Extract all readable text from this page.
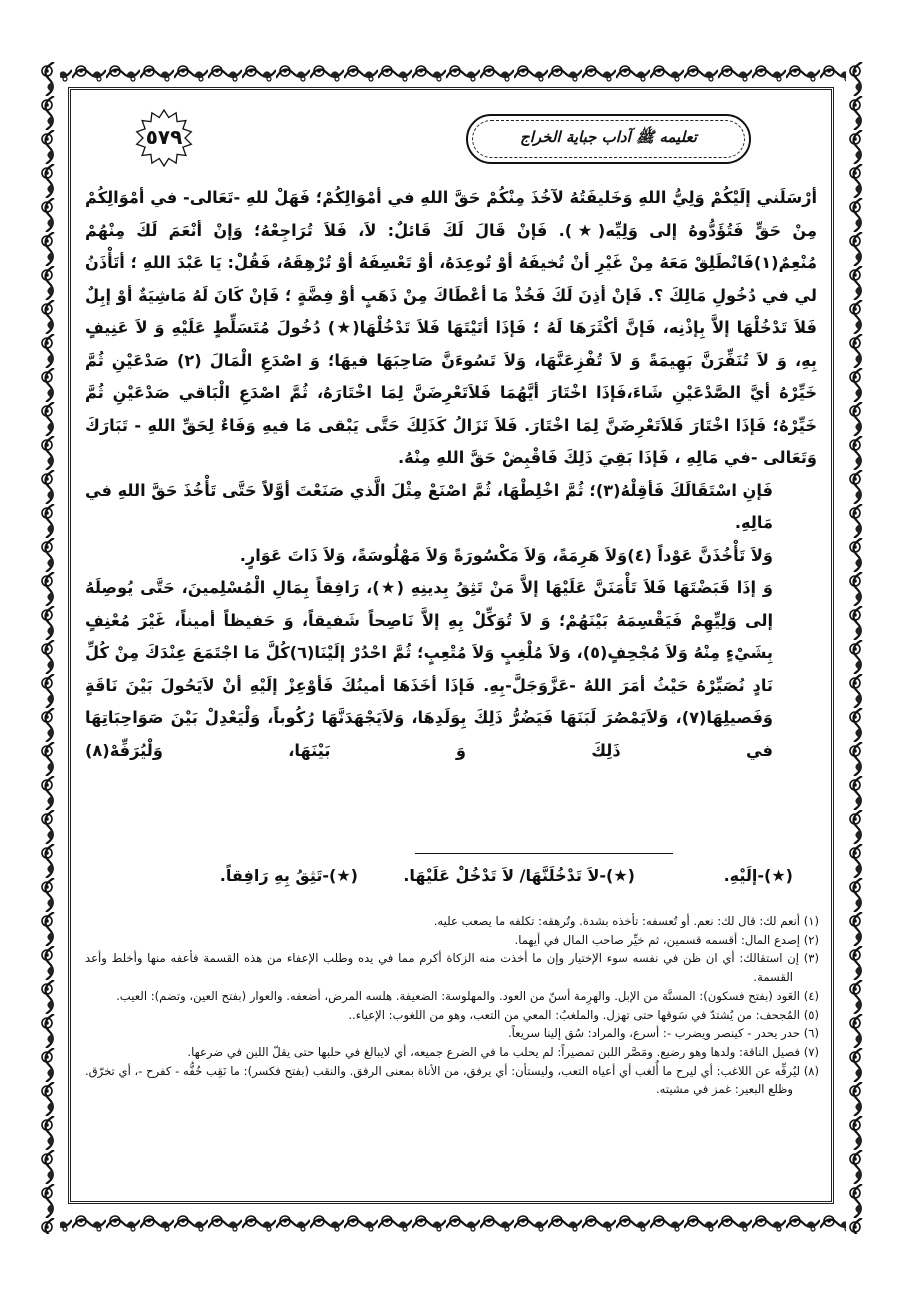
تعليمه ﷺ آداب جباية الخراج
٥٧٩

أرْسَلَني إلَيْكُمْ وَلِيُّ اللهِ وَخَليفَتُهُ لآخُذَ مِنْكُمْ حَقَّ اللهِ في أمْوَالِكُمْ؛ فَهَلْ للهِ -تَعَالى- في أمْوَالِكُمْ مِنْ حَقٍّ فَتُؤَدُّوهُ إلى وَلِيِّه(★). فَإنْ قَالَ لَكَ قَائلٌ: لاَ، فَلاَ تُرَاجِعْهُ؛ وَإنْ أنْعَمَ لَكَ مِنْهُمْ مُنْعِمٌ(١)فَانْطَلِقْ مَعَهُ مِنْ غَيْرِ أنْ تُخيفَهُ أوْ تُوعِدَهُ، أوْ تَعْسِفَهُ أوْ تُرْهِقَهُ، فَقُلْ: يَا عَبْدَ اللهِ ؛ أتَأْذَنُ لي في دُخُولِ مَالِكَ ؟. فَإنْ أذِنَ لَكَ فَخُذْ مَا أعْطَاكَ مِنْ ذَهَبٍ أوْ فِضَّةٍ ؛ فَإنْ كَانَ لَهُ مَاشِيَةٌ أوْ إبِلٌ فَلاَ تَدْخُلْهَا إلاَّ بِإذْنِه، فَإنَّ أكْثَرَهَا لَهُ ؛ فَإذَا أتَيْتَهَا فَلاَ تَدْخُلْهَا(★) دُخُولَ مُتَسَلِّطٍ عَلَيْهِ وَ لاَ عَنِيفٍ بِهِ، وَ لاَ تُنَفِّرَنَّ بَهِيمَةً وَ لاَ تُفْزِعَنَّهَا، وَلاَ تَسُوءَنَّ صَاحِبَهَا فيهَا؛ وَ اصْدَعِ الْمَالَ (٢) صَدْعَيْنِ ثُمَّ خَيِّرْهُ أيَّ الصَّدْعَيْنِ شَاءَ،فَإذَا اخْتَارَ أيَّهُمَا فَلاَتَعْرِضَنَّ لِمَا اخْتَارَهُ، ثُمَّ اصْدَعِ الْبَاقي صَدْعَيْنِ ثُمَّ خَيِّرْهُ؛ فَإذَا اخْتَارَ فَلاَتَعْرِضَنَّ لِمَا اخْتَارَ. فَلاَ تَزَالُ كَذَلِكَ حَتَّى يَبْقى مَا فيهِ وَفَاءٌ لِحَقِّ اللهِ - تَبَارَكَ وَتَعَالى -في مَالِهِ ، فَإذَا بَقِيَ ذَلِكَ فَاقْبِضْ حَقَّ اللهِ مِنْهُ.

فَإنِ اسْتَقَالَكَ فَأقِلْهُ(٣)؛ ثُمَّ اخْلِطْهَا، ثُمَّ اصْنَعْ مِثْلَ الَّذي صَنَعْتَ أوَّلاً حَتَّى تَأْخُذَ حَقَّ اللهِ في مَالِهِ.

وَلاَ تَأْخُذَنَّ عَوْداً (٤)وَلاَ هَرِمَةً، وَلاَ مَكْسُورَةً وَلاَ مَهْلُوسَةً، وَلاَ ذَاتَ عَوَارٍ.

وَ إذَا قَبَضْتَهَا فَلاَ تَأْمَنَنَّ عَلَيْهَا إلاَّ مَنْ تَثِقُ بِدينِهِ (★)، رَافِقاً بِمَالِ الْمُسْلِمينَ، حَتَّى يُوصِلَهُ إلى وَلِيِّهِمْ فَيَقْسِمَهُ بَيْنَهُمْ؛ وَ لاَ تُوَكِّلْ بِهِ إلاَّ نَاصِحاً شَفيقاً، وَ حَفيظاً أميناً، غَيْرَ مُعْنِفٍ بِشَيْءٍ مِنْهُ وَلاَ مُجْحِفٍ(٥)، وَلاَ مُلْغِبٍ وَلاَ مُتْعِبٍ؛ ثُمَّ احْدُرْ إلَيْنَا(٦)كُلَّ مَا اجْتَمَعَ عِنْدَكَ مِنْ كُلِّ نَادٍ نُصَيِّرْهُ حَيْثُ أمَرَ اللهُ -عَزَّوَجَلَّ-بِهِ. فَإذَا أخَذَهَا أمينُكَ فَأوْعِزْ إلَيْهِ أنْ لاَيَحُولَ بَيْنَ نَاقَةٍ وَفَصيلِهَا(٧)، وَلاَيَمْصُرَ لَبَنَهَا فَيَضُرُّ ذَلِكَ بِوَلَدِهَا، وَلاَيَجْهَدَنَّهَا رُكُوباً، وَلْيَعْدِلْ بَيْنَ صَوَاحِبَاتِهَا في ذَلِكَ وَ بَيْنَهَا، وَلْيُرَفِّهْ(٨)

(★)-إلَيْهِ.
(★)-لاَ تَدْخُلَنَّهَا/ لاَ تَدْخُلْ عَلَيْهَا.
(★)-تَثِقُ بِهِ رَافِقاً.

(١) أنعم لك: قال لك: نعم. أو تُعسفه: تأخذه بشدة. وتُرهقه: تكلفه ما يصعب عليه.

(٢) إصدع المال: أقسمه قسمين، ثم خيِّر صاحب المال في أيهما.

(٣) إن استقالك: أي ان ظن في نفسه سوء الإختيار وإن ما أخذت منه الزكاة أكرم مما في يده وطلب الإعفاء من هذه القسمة فأعفه منها وأخلط وأعد القسمة.

(٤) العَود (بفتح فسكون): المسنَّة من الإبل. والهرِمة أسنّ من العود. والمهلوسة: الضعيفة. هلسه المرض، أضعفه. والعوار (بفتح العين، وتضم): العيب.

(٥) المُجحف: من يُشتدّ في سَوقها حتى تهزل. والملغبُ: المعي من التعب، وهو من اللغوب: الإعياء..

(٦) حدر يحدر - كينصر ويضرب -: أسرع، والمراد: سُق إلينا سريعاً.

(٧) فصيل الناقة: ولدها وهو رضيع. ومَصَّر اللبن تمصيراً: لم يحلب ما في الضرع جميعه، أي لايبالغ في حلبها حتى يقلّ اللبن في ضرعها.

(٨) ليُرفِّه عن اللاغب: أي ليرح ما أُلغب أي أعياه التعب، وليستأن: أي يرفق، من الأناة بمعنى الرفق. والنقب (بفتح فكسر): ما نَقِب خُفُّه - كفرح -، أي تخرّق. وظلع البعير: غمز في مشيته.
